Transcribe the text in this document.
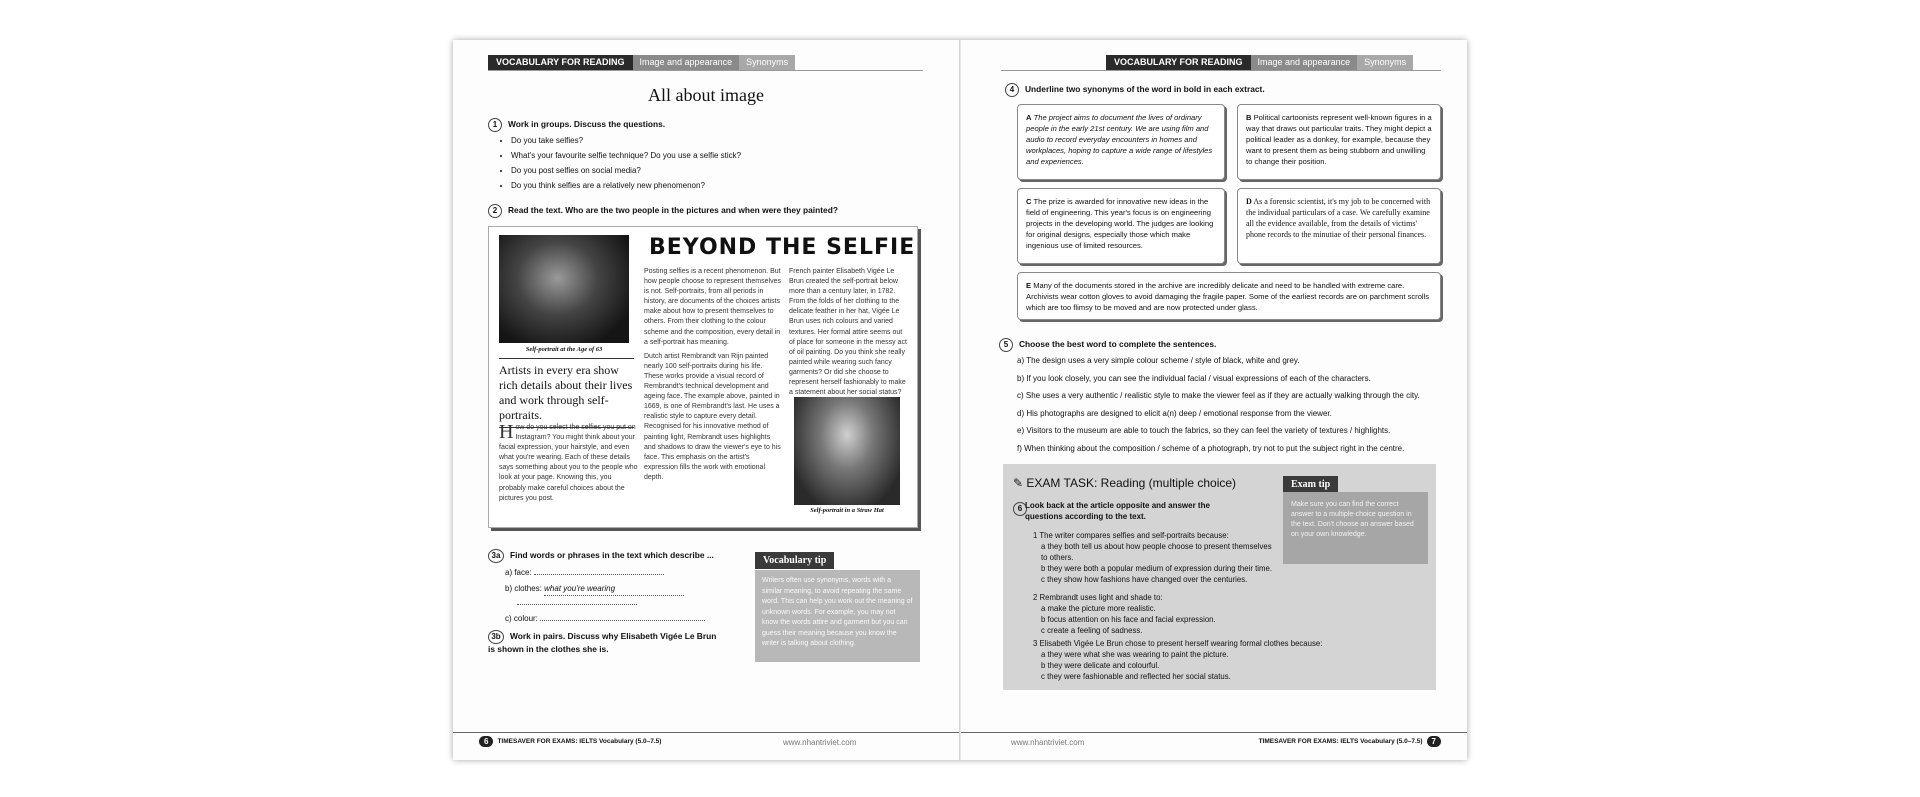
VOCABULARY FOR READING	Image and appearance	Synonyms
All about image
1 Work in groups. Discuss the questions.
• Do you take selfies?
• What's your favourite selfie technique? Do you use a selfie stick?
• Do you post selfies on social media?
• Do you think selfies are a relatively new phenomenon?
2 Read the text. Who are the two people in the pictures and when were they painted?
Self-portrait at the Age of 63
Artists in every era show rich details about their lives and work through self-portraits.
How do you select the selfies you put on Instagram? You might think about your facial expression, your hairstyle, and even what you're wearing. Each of these details says something about you to the people who look at your page. Knowing this, you probably make careful choices about the pictures you post.
BEYOND THE SELFIE
Posting selfies is a recent phenomenon. But how people choose to represent themselves is not. Self-portraits, from all periods in history, are documents of the choices artists make about how to present themselves to others. From their clothing to the colour scheme and the composition, every detail in a self-portrait has meaning.
Dutch artist Rembrandt van Rijn painted nearly 100 self-portraits during his life. These works provide a visual record of Rembrandt's technical development and ageing face. The example above, painted in 1669, is one of Rembrandt's last. He uses a realistic style to capture every detail. Recognised for his innovative method of painting light, Rembrandt uses highlights and shadows to draw the viewer's eye to his face. This emphasis on the artist's expression fills the work with emotional depth.
French painter Elisabeth Vigée Le Brun created the self-portrait below more than a century later, in 1782. From the folds of her clothing to the delicate feather in her hat, Vigée Le Brun uses rich colours and varied textures. Her formal attire seems out of place for someone in the messy act of oil painting. Do you think she really painted while wearing such fancy garments? Or did she choose to represent herself fashionably to make a statement about her social status?
Self-portrait in a Straw Hat
3a Find words or phrases in the text which describe ...
a) face:
b) clothes: what you're wearing
c) colour:
3b Work in pairs. Discuss why Elisabeth Vigée Le Brun is shown in the clothes she is.
Vocabulary tip
Writers often use synonyms, words with a similar meaning, to avoid repeating the same word. This can help you work out the meaning of unknown words. For example, you may not know the words attire and garment but you can guess their meaning because you know the writer is talking about clothing.
6 TIMESAVER FOR EXAMS: IELTS Vocabulary (5.0–7.5)	www.nhantriviet.com
VOCABULARY FOR READING	Image and appearance	Synonyms
4 Underline two synonyms of the word in bold in each extract.
A The project aims to document the lives of ordinary people in the early 21st century. We are using film and audio to record everyday encounters in homes and workplaces, hoping to capture a wide range of lifestyles and experiences.
B Political cartoonists represent well-known figures in a way that draws out particular traits. They might depict a political leader as a donkey, for example, because they want to present them as being stubborn and unwilling to change their position.
C The prize is awarded for innovative new ideas in the field of engineering. This year's focus is on engineering projects in the developing world. The judges are looking for original designs, especially those which make ingenious use of limited resources.
D As a forensic scientist, it's my job to be concerned with the individual particulars of a case. We carefully examine all the evidence available, from the details of victims' phone records to the minutiae of their personal finances.
E Many of the documents stored in the archive are incredibly delicate and need to be handled with extreme care. Archivists wear cotton gloves to avoid damaging the fragile paper. Some of the earliest records are on parchment scrolls which are too flimsy to be moved and are now protected under glass.
5 Choose the best word to complete the sentences.
a) The design uses a very simple colour scheme / style of black, white and grey.
b) If you look closely, you can see the individual facial / visual expressions of each of the characters.
c) She uses a very authentic / realistic style to make the viewer feel as if they are actually walking through the city.
d) His photographs are designed to elicit a(n) deep / emotional response from the viewer.
e) Visitors to the museum are able to touch the fabrics, so they can feel the variety of textures / highlights.
f) When thinking about the composition / scheme of a photograph, try not to put the subject right in the centre.
✎ EXAM TASK: Reading (multiple choice)
6 Look back at the article opposite and answer the questions according to the text.
1 The writer compares selfies and self-portraits because:
a they both tell us about how people choose to present themselves to others.
b they were both a popular medium of expression during their time.
c they show how fashions have changed over the centuries.
2 Rembrandt uses light and shade to:
a make the picture more realistic.
b focus attention on his face and facial expression.
c create a feeling of sadness.
3 Elisabeth Vigée Le Brun chose to present herself wearing formal clothes because:
a they were what she was wearing to paint the picture.
b they were delicate and colourful.
c they were fashionable and reflected her social status.
Exam tip
Make sure you can find the correct answer to a multiple-choice question in the text. Don't choose an answer based on your own knowledge.
www.nhantriviet.com	TIMESAVER FOR EXAMS: IELTS Vocabulary (5.0–7.5) 7
